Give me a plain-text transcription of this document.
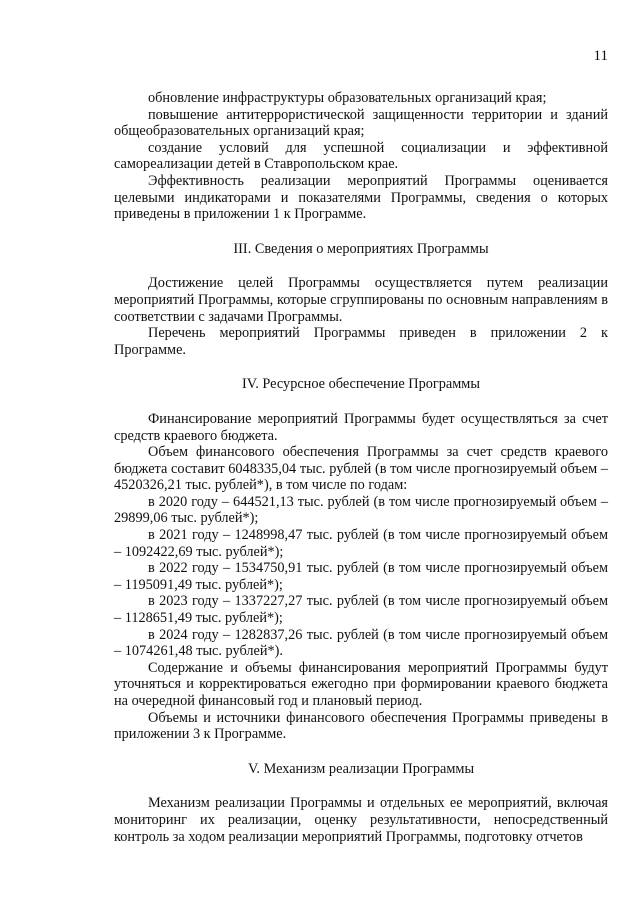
11

обновление инфраструктуры образовательных организаций края;

повышение антитеррористической защищенности территории и зданий общеобразовательных организаций края;

создание условий для успешной социализации и эффективной самореализации детей в Ставропольском крае.

Эффективность реализации мероприятий Программы оценивается целевыми индикаторами и показателями Программы, сведения о которых приведены в приложении 1 к Программе.

III. Сведения о мероприятиях Программы

Достижение целей Программы осуществляется путем реализации мероприятий Программы, которые сгруппированы по основным направлениям в соответствии с задачами Программы.

Перечень мероприятий Программы приведен в приложении 2 к Программе.

IV. Ресурсное обеспечение Программы

Финансирование мероприятий Программы будет осуществляться за счет средств краевого бюджета.

Объем финансового обеспечения Программы за счет средств краевого бюджета составит 6048335,04 тыс. рублей (в том числе прогнозируемый объем – 4520326,21 тыс. рублей*), в том числе по годам:

в 2020 году – 644521,13 тыс. рублей (в том числе прогнозируемый объем – 29899,06 тыс. рублей*);

в 2021 году – 1248998,47 тыс. рублей (в том числе прогнозируемый объем – 1092422,69 тыс. рублей*);

в 2022 году – 1534750,91 тыс. рублей (в том числе прогнозируемый объем – 1195091,49 тыс. рублей*);

в 2023 году – 1337227,27 тыс. рублей (в том числе прогнозируемый объем – 1128651,49 тыс. рублей*);

в 2024 году – 1282837,26 тыс. рублей (в том числе прогнозируемый объем – 1074261,48 тыс. рублей*).

Содержание и объемы финансирования мероприятий Программы будут уточняться и корректироваться ежегодно при формировании краевого бюджета на очередной финансовый год и плановый период.

Объемы и источники финансового обеспечения Программы приведены в приложении 3 к Программе.

V. Механизм реализации Программы

Механизм реализации Программы и отдельных ее мероприятий, включая мониторинг их реализации, оценку результативности, непосредственный контроль за ходом реализации мероприятий Программы, подготовку отчетов
